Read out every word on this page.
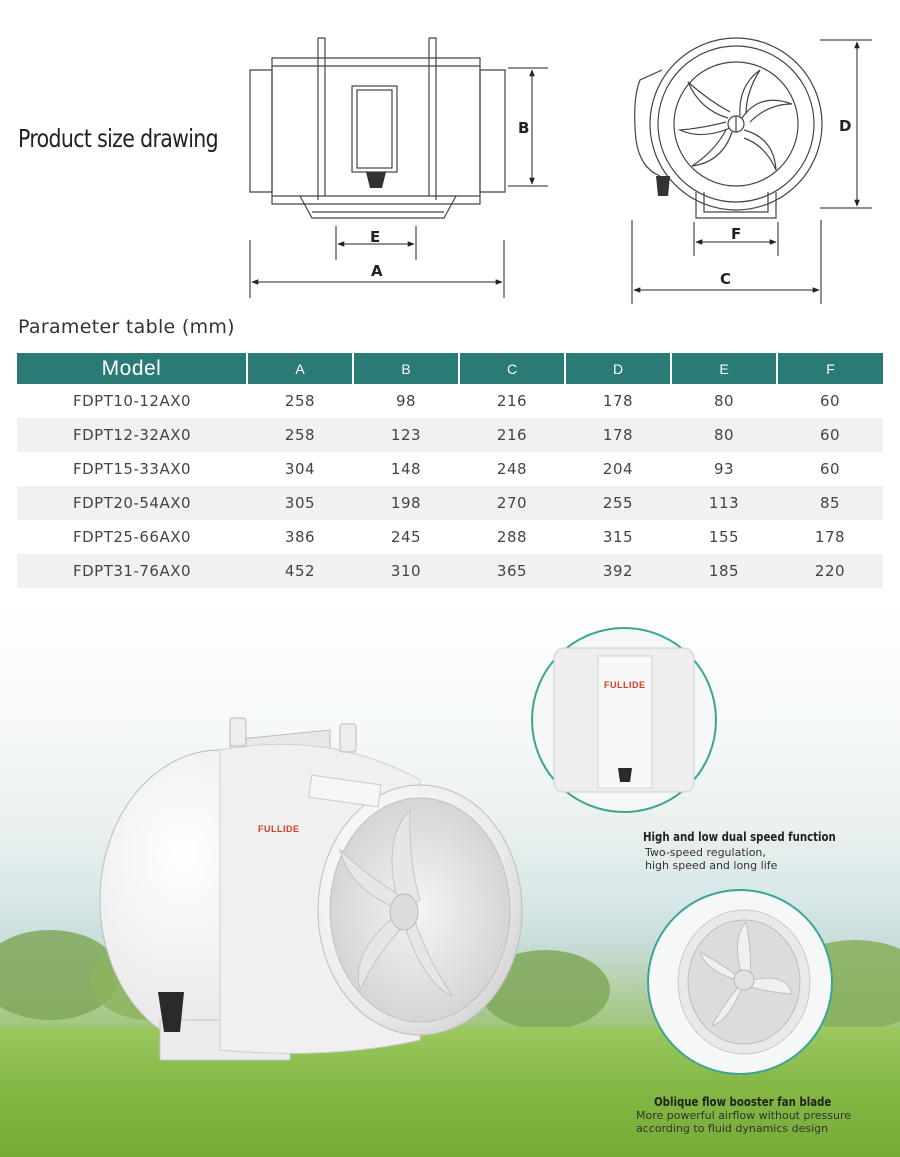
Product size drawing	B
E
A
D
F
C
Parameter table (mm)
Model	A	B	C	D	E	F
FDPT10-12AX0	258	98	216	178	80	60
FDPT12-32AX0	258	123	216	178	80	60
FDPT15-33AX0	304	148	248	204	93	60
FDPT20-54AX0	305	198	270	255	113	85
FDPT25-66AX0	386	245	288	315	155	178
FDPT31-76AX0	452	310	365	392	185	220
FULLIDE
FULLIDE
High and low dual speed function
Two-speed regulation,
high speed and long life
Oblique flow booster fan blade
More powerful airflow without pressure
according to fluid dynamics design
